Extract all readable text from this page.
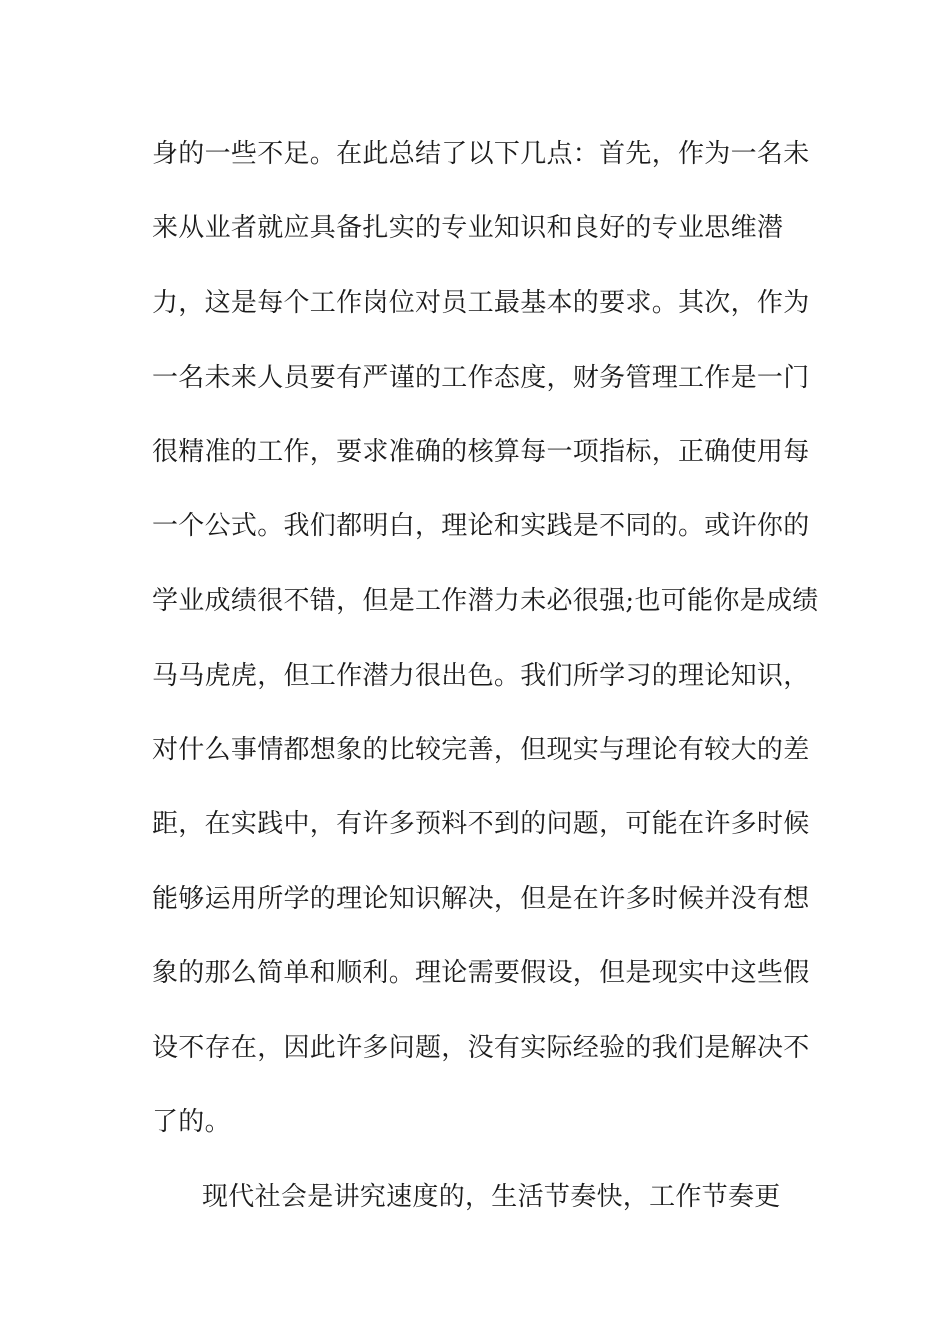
身的一些不足。在此总结了以下几点：首先，作为一名未
来从业者就应具备扎实的专业知识和良好的专业思维潜
力，这是每个工作岗位对员工最基本的要求。其次，作为
一名未来人员要有严谨的工作态度，财务管理工作是一门
很精准的工作，要求准确的核算每一项指标，正确使用每
一个公式。我们都明白，理论和实践是不同的。或许你的
学业成绩很不错，但是工作潜力未必很强;也可能你是成绩
马马虎虎，但工作潜力很出色。我们所学习的理论知识，
对什么事情都想象的比较完善，但现实与理论有较大的差
距，在实践中，有许多预料不到的问题，可能在许多时候
能够运用所学的理论知识解决，但是在许多时候并没有想
象的那么简单和顺利。理论需要假设，但是现实中这些假
设不存在，因此许多问题，没有实际经验的我们是解决不
了的。
现代社会是讲究速度的，生活节奏快，工作节奏更
